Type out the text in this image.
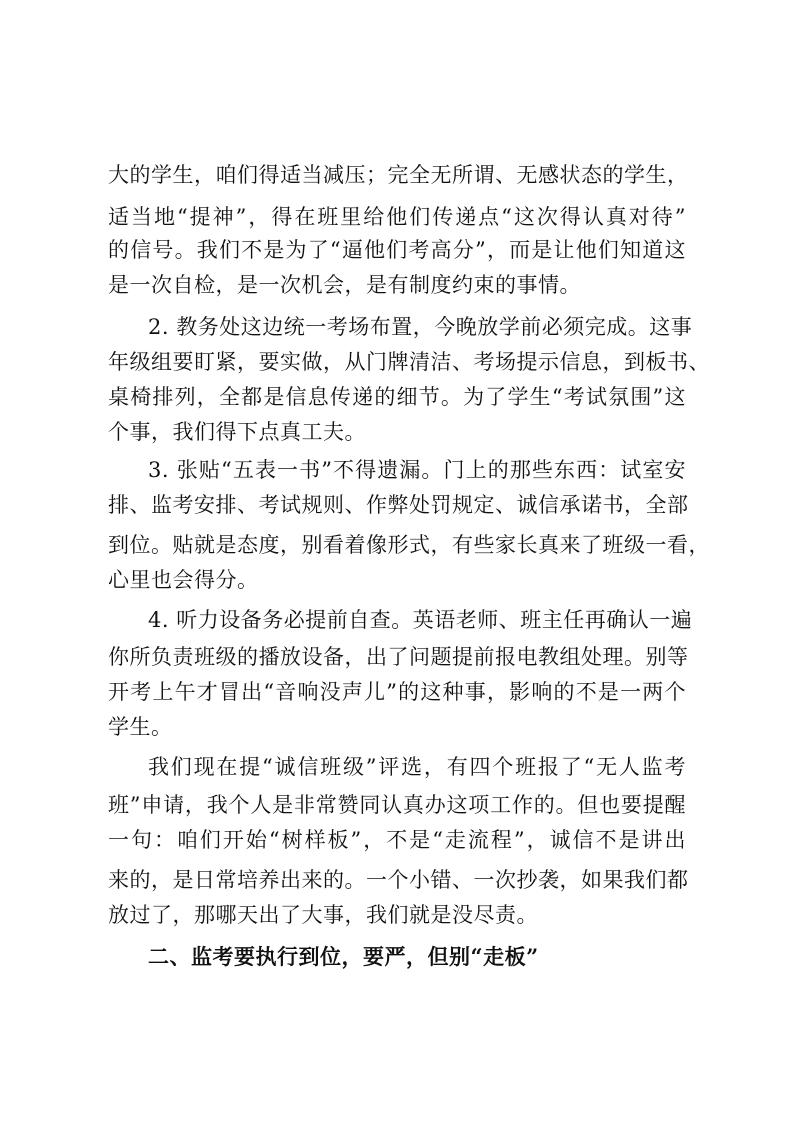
大的学生，咱们得适当减压；完全无所谓、无感状态的学生，
适当地“提神”，得在班里给他们传递点“这次得认真对待”
的信号。我们不是为了“逼他们考高分”，而是让他们知道这
是一次自检，是一次机会，是有制度约束的事情。
2. 教务处这边统一考场布置，今晚放学前必须完成。这事
年级组要盯紧，要实做，从门牌清洁、考场提示信息，到板书、
桌椅排列，全都是信息传递的细节。为了学生“考试氛围”这
个事，我们得下点真工夫。
3. 张贴“五表一书”不得遗漏。门上的那些东西：试室安
排、监考安排、考试规则、作弊处罚规定、诚信承诺书，全部
到位。贴就是态度，别看着像形式，有些家长真来了班级一看，
心里也会得分。
4. 听力设备务必提前自查。英语老师、班主任再确认一遍
你所负责班级的播放设备，出了问题提前报电教组处理。别等
开考上午才冒出“音响没声儿”的这种事，影响的不是一两个
学生。
我们现在提“诚信班级”评选，有四个班报了“无人监考
班”申请，我个人是非常赞同认真办这项工作的。但也要提醒
一句：咱们开始“树样板”，不是“走流程”，诚信不是讲出
来的，是日常培养出来的。一个小错、一次抄袭，如果我们都
放过了，那哪天出了大事，我们就是没尽责。
二、监考要执行到位，要严，但别“走板”
